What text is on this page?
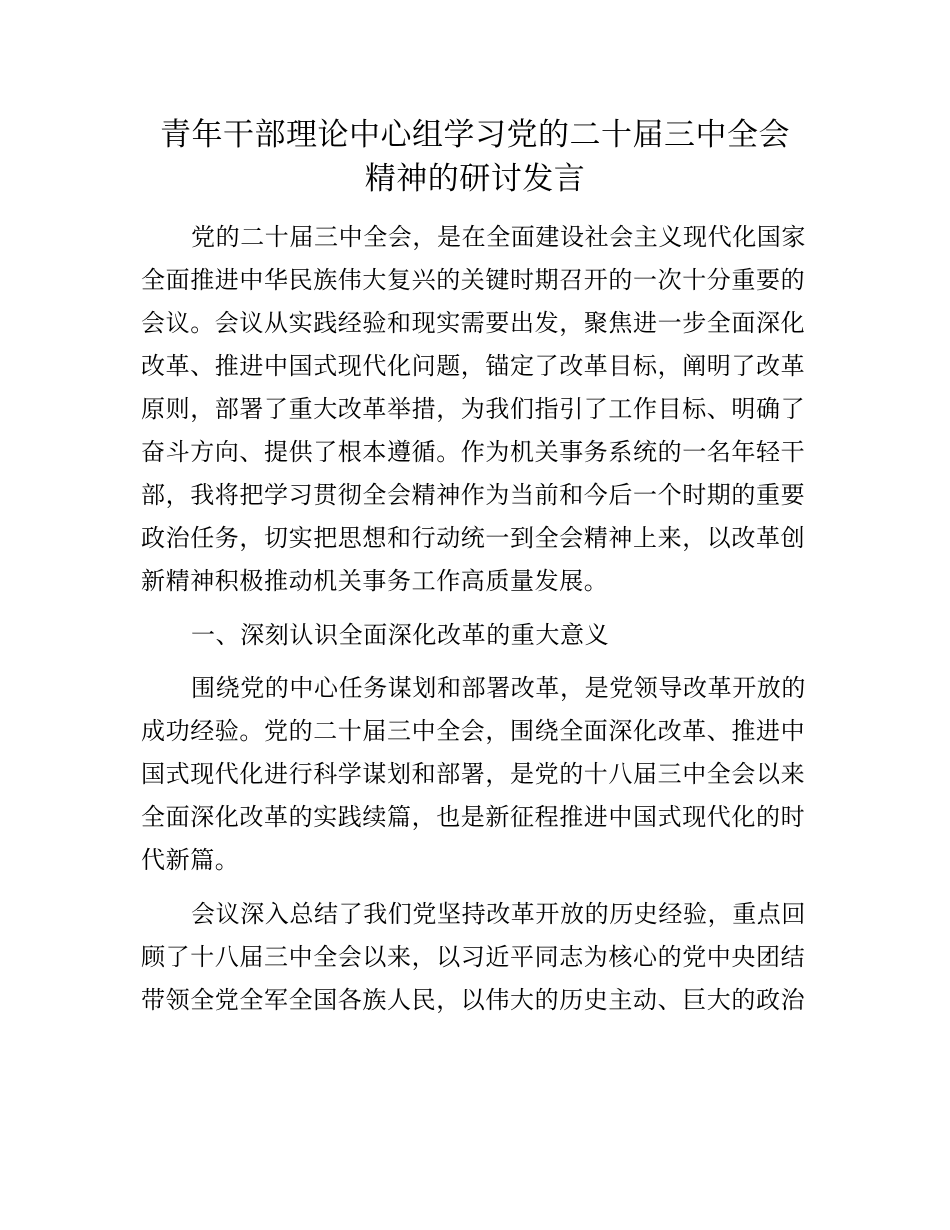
青年干部理论中心组学习党的二十届三中全会
精神的研讨发言
党的二十届三中全会，是在全面建设社会主义现代化国家
全面推进中华民族伟大复兴的关键时期召开的一次十分重要的
会议。会议从实践经验和现实需要出发，聚焦进一步全面深化
改革、推进中国式现代化问题，锚定了改革目标，阐明了改革
原则，部署了重大改革举措，为我们指引了工作目标、明确了
奋斗方向、提供了根本遵循。作为机关事务系统的一名年轻干
部，我将把学习贯彻全会精神作为当前和今后一个时期的重要
政治任务，切实把思想和行动统一到全会精神上来，以改革创
新精神积极推动机关事务工作高质量发展。
一、深刻认识全面深化改革的重大意义
围绕党的中心任务谋划和部署改革，是党领导改革开放的
成功经验。党的二十届三中全会，围绕全面深化改革、推进中
国式现代化进行科学谋划和部署，是党的十八届三中全会以来
全面深化改革的实践续篇，也是新征程推进中国式现代化的时
代新篇。
会议深入总结了我们党坚持改革开放的历史经验，重点回
顾了十八届三中全会以来，以习近平同志为核心的党中央团结
带领全党全军全国各族人民，以伟大的历史主动、巨大的政治
